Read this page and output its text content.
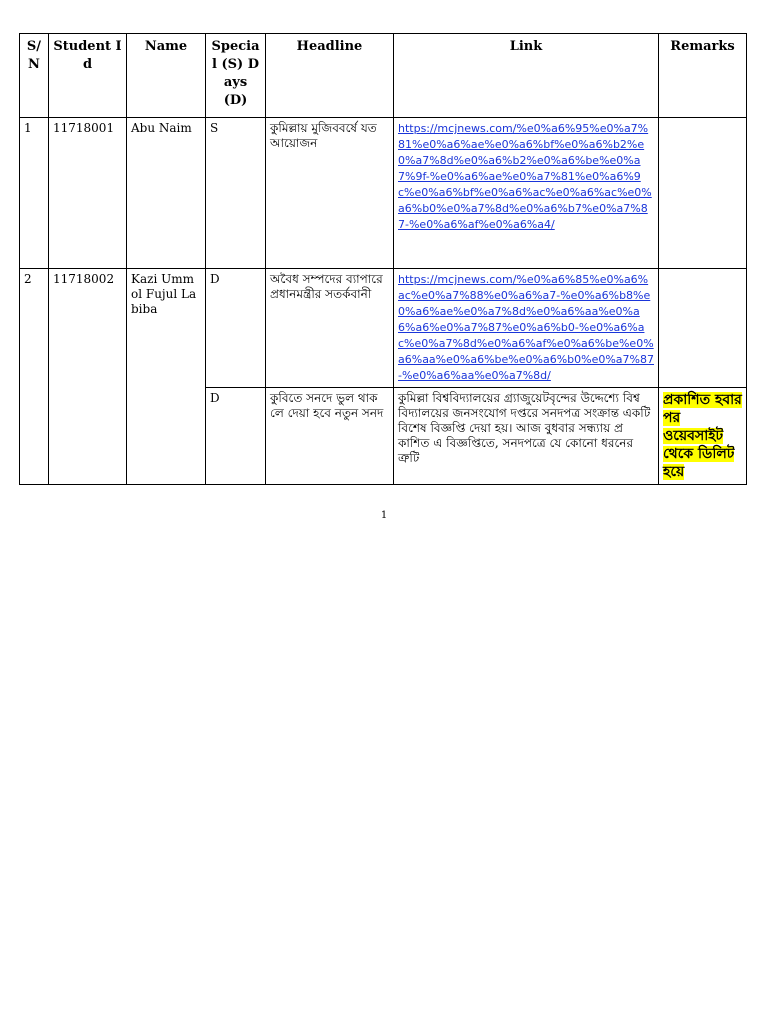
S/ N	Student Id	Name	Special (S) Days (D)	Headline	Link	Remarks
1	11718001	Abu Naim	S	কুমিল্লায় মুজিববর্ষে যত আয়োজন	https://mcjnews.com/%e0%a6%95%e0%a7%81%e0%a6%ae%e0%a6%bf%e0%a6%b2%e0%a7%8d%e0%a6%b2%e0%a6%be%e0%a7%9f-%e0%a6%ae%e0%a7%81%e0%a6%9c%e0%a6%bf%e0%a6%ac%e0%a6%ac%e0%a6%b0%e0%a7%8d%e0%a6%b7%e0%a7%87-%e0%a6%af%e0%a6%a4/	
2	11718002	Kazi Ummol Fujul Labiba	D	অবৈধ সম্পদের ব্যাপারে প্রধানমন্ত্রীর সতর্কবানী	https://mcjnews.com/%e0%a6%85%e0%a6%ac%e0%a7%88%e0%a6%a7-%e0%a6%b8%e0%a6%ae%e0%a7%8d%e0%a6%aa%e0%a6%a6%e0%a7%87%e0%a6%b0-%e0%a6%ac%e0%a7%8d%e0%a6%af%e0%a6%be%e0%a6%aa%e0%a6%be%e0%a6%b0%e0%a7%87-%e0%a6%aa%e0%a7%8d/	
			D	কুবিতে সনদে ভুল থাকলে দেয়া হবে নতুন সনদ	কুমিল্লা বিশ্ববিদ্যালয়ের গ্র্যাজুয়েটবৃন্দের উদ্দেশ্যে বিশ্ববিদ্যালয়ের জনসংযোগ দপ্তরে সনদপত্র সংক্রান্ত একটি বিশেষ বিজ্ঞপ্তি দেয়া হয়। আজ বুধবার সন্ধ্যায় প্রকাশিত এ বিজ্ঞপ্তিতে, সনদপত্রে যে কোনো ধরনের ত্রুটি	প্রকাশিত হবার পর ওয়েবসাইট থেকে ডিলিট হয়ে
1
